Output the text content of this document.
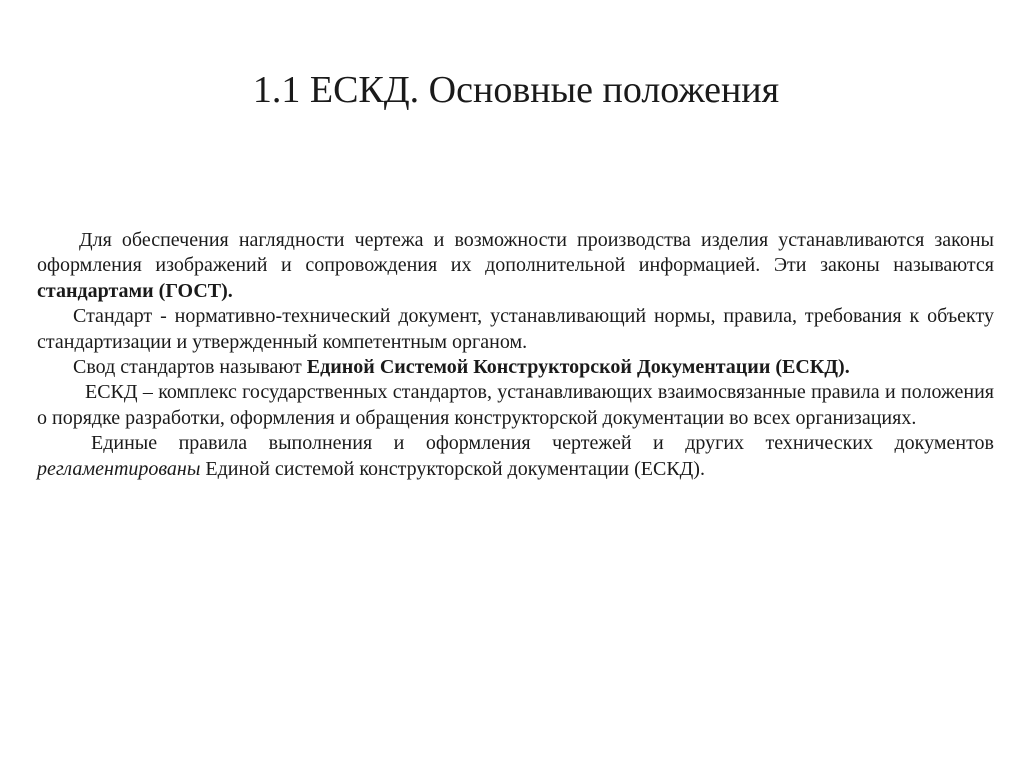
1.1 ЕСКД. Основные положения

Для обеспечения наглядности чертежа и возможности производства изделия устанавливаются законы оформления изображений и сопровождения их дополнительной информацией. Эти законы называются стандартами (ГОСТ).

Стандарт - нормативно-технический документ, устанавливающий нормы, правила, требования к объекту стандартизации и утвержденный компетентным органом.

Свод стандартов называют Единой Системой Конструкторской Документации (ЕСКД).

ЕСКД – комплекс государственных стандартов, устанавливающих взаимосвязанные правила и положения о порядке разработки, оформления и обращения конструкторской документации во всех организациях.

Единые правила выполнения и оформления чертежей и других технических документов регламентированы Единой системой конструкторской документации (ЕСКД).
